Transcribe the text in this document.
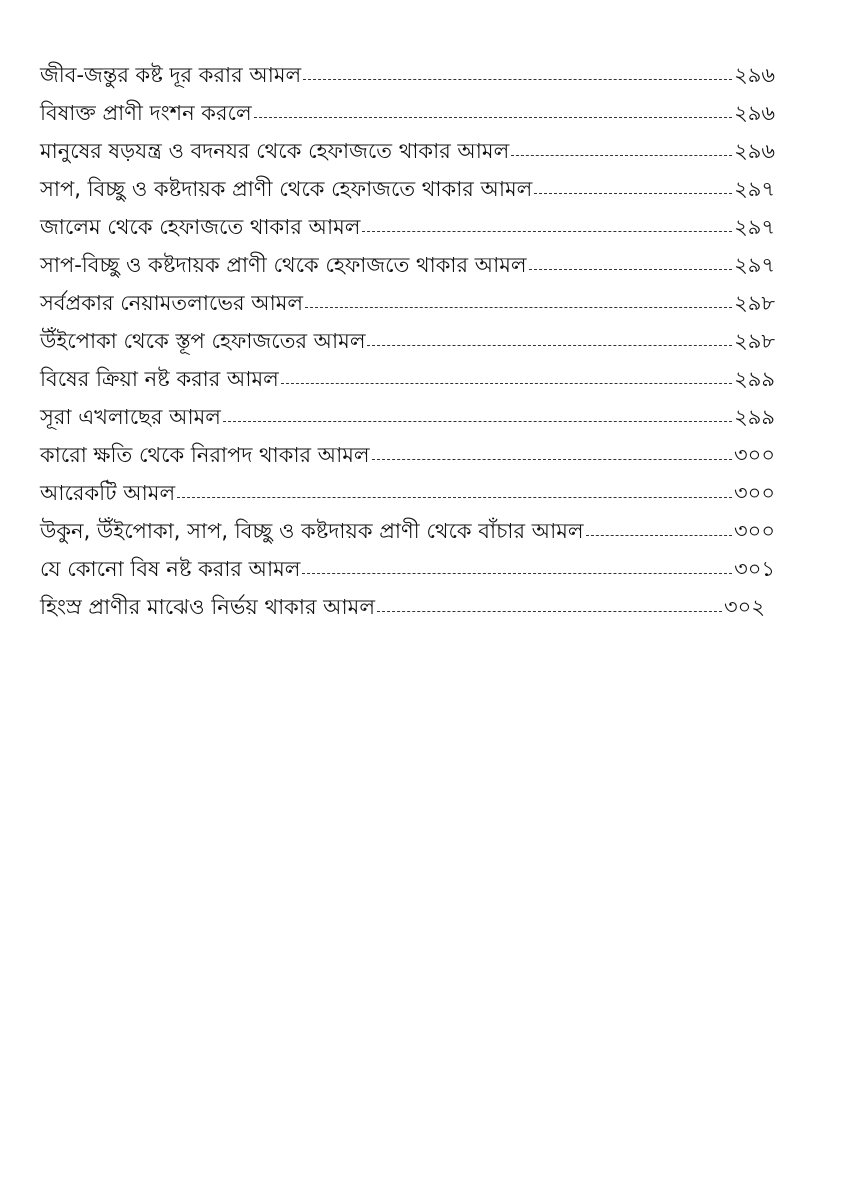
জীব-জন্তুর কষ্ট দূর করার আমল	২৯৬
বিষাক্ত প্রাণী দংশন করলে	২৯৬
মানুষের ষড়যন্ত্র ও বদনযর থেকে হেফাজতে থাকার আমল	২৯৬
সাপ, বিচ্ছু ও কষ্টদায়ক প্রাণী থেকে হেফাজতে থাকার আমল	২৯৭
জালেম থেকে হেফাজতে থাকার আমল	২৯৭
সাপ-বিচ্ছু ও কষ্টদায়ক প্রাণী থেকে হেফাজতে থাকার আমল	২৯৭
সর্বপ্রকার নেয়ামতলাভের আমল	২৯৮
উঁইপোকা থেকে স্তূপ হেফাজতের আমল	২৯৮
বিষের ক্রিয়া নষ্ট করার আমল	২৯৯
সূরা এখলাছের আমল	২৯৯
কারো ক্ষতি থেকে নিরাপদ থাকার আমল	৩০০
আরেকটি আমল	৩০০
উকুন, উঁইপোকা, সাপ, বিচ্ছু ও কষ্টদায়ক প্রাণী থেকে বাঁচার আমল	৩০০
যে কোনো বিষ নষ্ট করার আমল	৩০১
হিংস্র প্রাণীর মাঝেও নির্ভয় থাকার আমল	৩০২
